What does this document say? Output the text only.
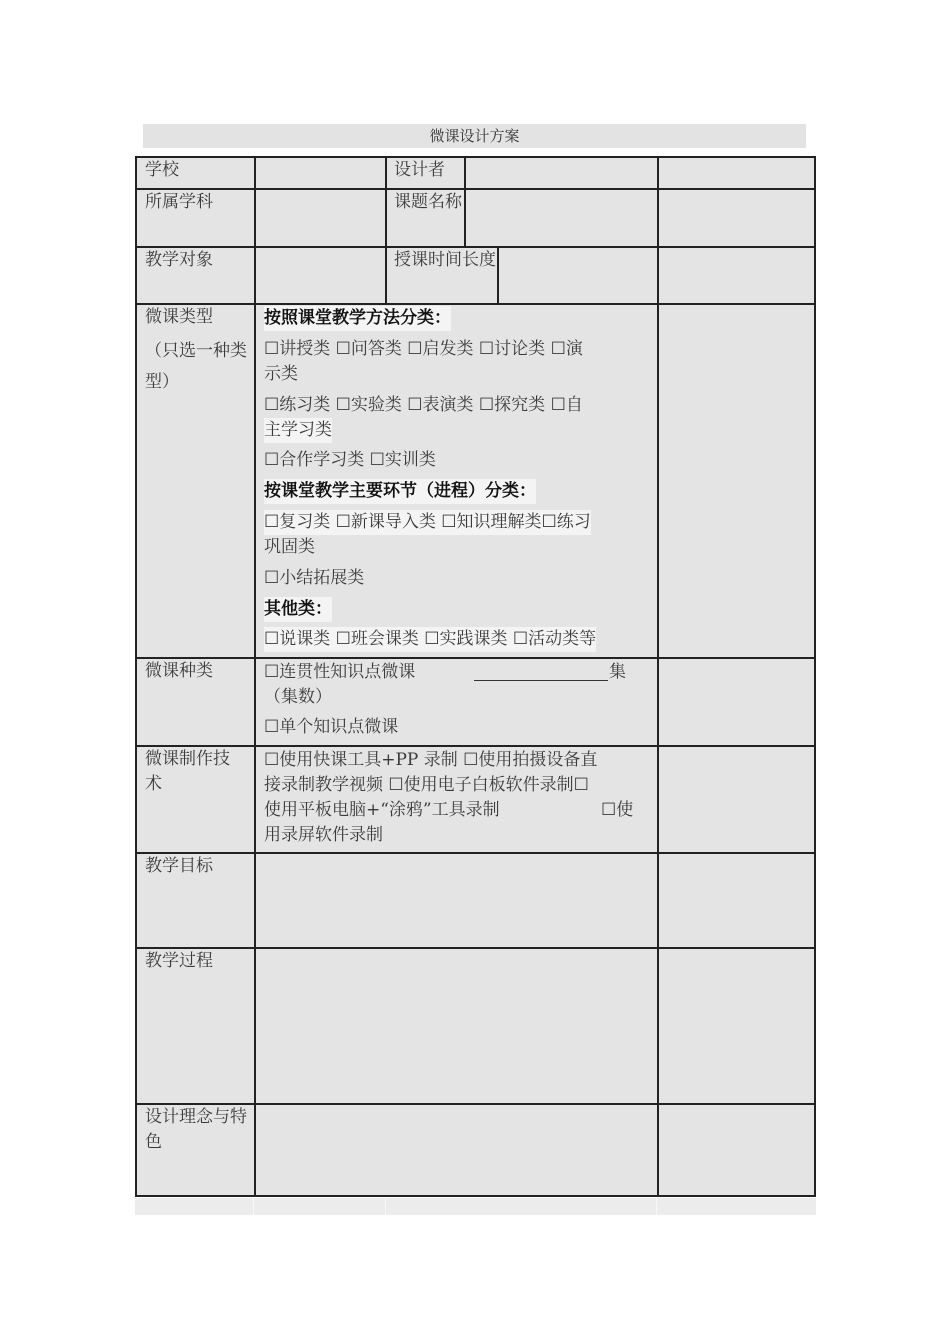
微课设计方案
学校
所属学科
教学对象
微课类型
（只选一种类型）
微课种类
微课制作技术
教学目标
教学过程
设计理念与特色
设计者
课题名称
授课时间长度
按照课堂教学方法分类：
☐讲授类 ☐问答类 ☐启发类 ☐讨论类 ☐演
示类
☐练习类 ☐实验类 ☐表演类 ☐探究类 ☐自
主学习类
☐合作学习类 ☐实训类
按课堂教学主要环节（进程）分类：
☐复习类 ☐新课导入类 ☐知识理解类☐练习
巩固类
☐小结拓展类
其他类：
☐说课类 ☐班会课类 ☐实践课类 ☐活动类等
☐连贯性知识点微课	集
（集数）
☐单个知识点微课
☐使用快课工具+PP 录制 ☐使用拍摄设备直
接录制教学视频 ☐使用电子白板软件录制☐
使用平板电脑+“涂鸦”工具录制	☐使
用录屏软件录制
